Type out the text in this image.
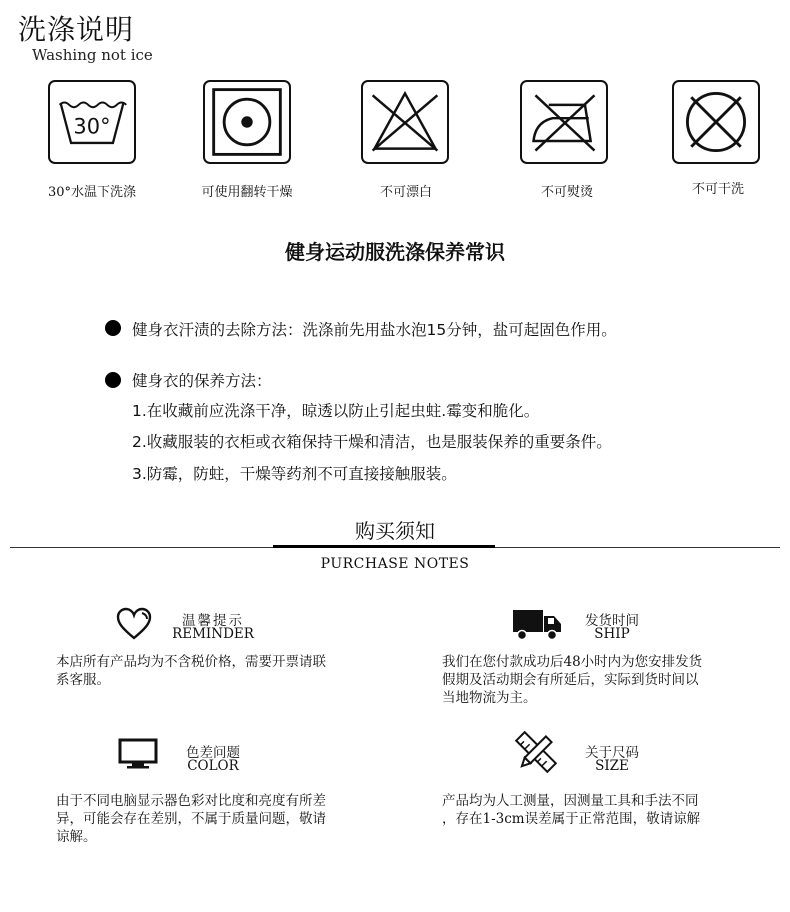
洗涤说明
Washing not ice
30°
30°水温下洗涤	可使用翻转干燥	不可漂白	不可熨烫	不可干洗
健身运动服洗涤保养常识
健身衣汗渍的去除方法：洗涤前先用盐水泡15分钟，盐可起固色作用。
健身衣的保养方法：
1.在收藏前应洗涤干净，晾透以防止引起虫蛀.霉变和脆化。
2.收藏服装的衣柜或衣箱保持干燥和清洁，也是服装保养的重要条件。
3.防霉，防蛀，干燥等药剂不可直接接触服装。
购买须知
PURCHASE NOTES
温馨提示
REMINDER
本店所有产品均为不含税价格，需要开票请联
系客服。
发货时间
SHIP
我们在您付款成功后48小时内为您安排发货
假期及活动期会有所延后，实际到货时间以
当地物流为主。
色差问题
COLOR
由于不同电脑显示器色彩对比度和亮度有所差
异，可能会存在差别，不属于质量问题，敬请
谅解。
关于尺码
SIZE
产品均为人工测量，因测量工具和手法不同
，存在1-3cm误差属于正常范围，敬请谅解
